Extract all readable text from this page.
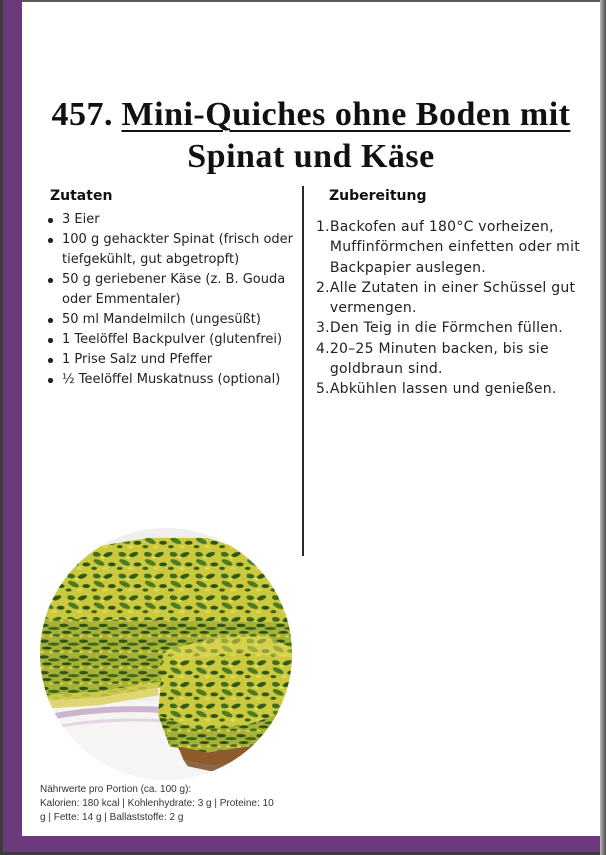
457. Mini-Quiches ohne Boden mit
Spinat und Käse
Zutaten	Zubereitung
3 Eier
100 g gehackter Spinat (frisch oder tiefgekühlt, gut abgetropft)
50 g geriebener Käse (z. B. Gouda oder Emmentaler)
50 ml Mandelmilch (ungesüßt)
1 Teelöffel Backpulver (glutenfrei)
1 Prise Salz und Pfeffer
½ Teelöffel Muskatnuss (optional)
1. Backofen auf 180°C vorheizen, Muffinförmchen einfetten oder mit Backpapier auslegen.
2. Alle Zutaten in einer Schüssel gut vermengen.
3. Den Teig in die Förmchen füllen.
4. 20–25 Minuten backen, bis sie goldbraun sind.
5. Abkühlen lassen und genießen.
Nährwerte pro Portion (ca. 100 g):
Kalorien: 180 kcal | Kohlenhydrate: 3 g | Proteine: 10
g | Fette: 14 g | Ballaststoffe: 2 g
